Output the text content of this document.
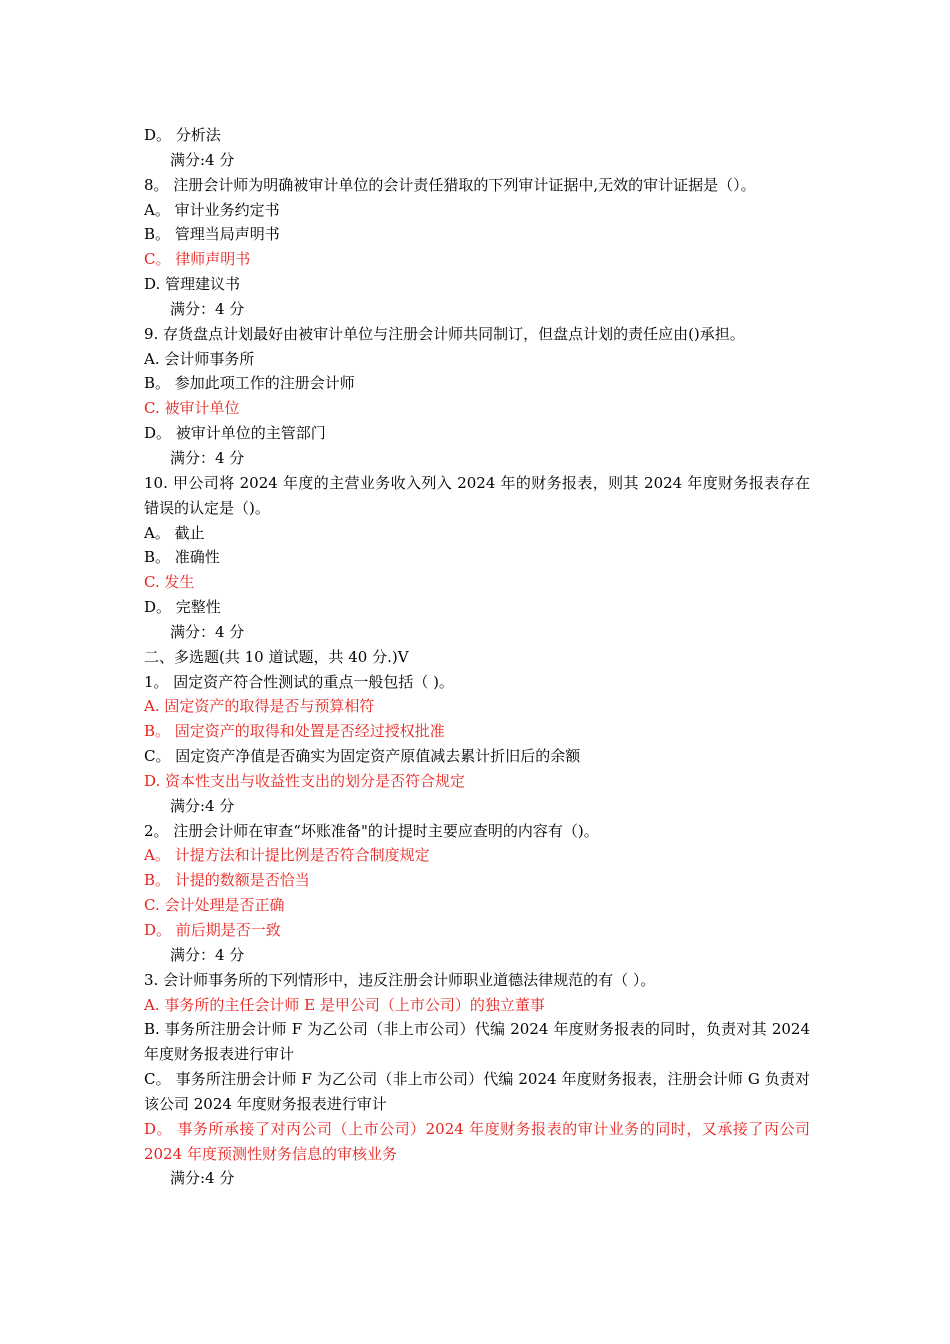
D。 分析法
满分:4 分
8。 注册会计师为明确被审计单位的会计责任猎取的下列审计证据中,无效的审计证据是（）。
A。 审计业务约定书
B。 管理当局声明书
C。 律师声明书
D. 管理建议书
满分：4 分
9. 存货盘点计划最好由被审计单位与注册会计师共同制订，但盘点计划的责任应由()承担。
A. 会计师事务所
B。 参加此项工作的注册会计师
C. 被审计单位
D。 被审计单位的主管部门
满分：4 分
10. 甲公司将 2024 年度的主营业务收入列入 2024 年的财务报表，则其 2024 年度财务报表存在错误的认定是（)。
A。 截止
B。 准确性
C. 发生
D。 完整性
满分：4 分
二、多选题(共 10 道试题，共 40 分.)V
1。 固定资产符合性测试的重点一般包括（ )。
A. 固定资产的取得是否与预算相符
B。 固定资产的取得和处置是否经过授权批准
C。 固定资产净值是否确实为固定资产原值减去累计折旧后的余额
D. 资本性支出与收益性支出的划分是否符合规定
满分:4 分
2。 注册会计师在审查“坏账准备"的计提时主要应查明的内容有（)。
A。 计提方法和计提比例是否符合制度规定
B。 计提的数额是否恰当
C. 会计处理是否正确
D。 前后期是否一致
满分：4 分
3. 会计师事务所的下列情形中，违反注册会计师职业道德法律规范的有（ ）。
A. 事务所的主任会计师 E 是甲公司（上市公司）的独立董事
B. 事务所注册会计师 F 为乙公司（非上市公司）代编 2024 年度财务报表的同时，负责对其 2024 年度财务报表进行审计
C。 事务所注册会计师 F 为乙公司（非上市公司）代编 2024 年度财务报表，注册会计师 G 负责对该公司 2024 年度财务报表进行审计
D。 事务所承接了对丙公司（上市公司）2024 年度财务报表的审计业务的同时，又承接了丙公司 2024 年度预测性财务信息的审核业务
满分:4 分
